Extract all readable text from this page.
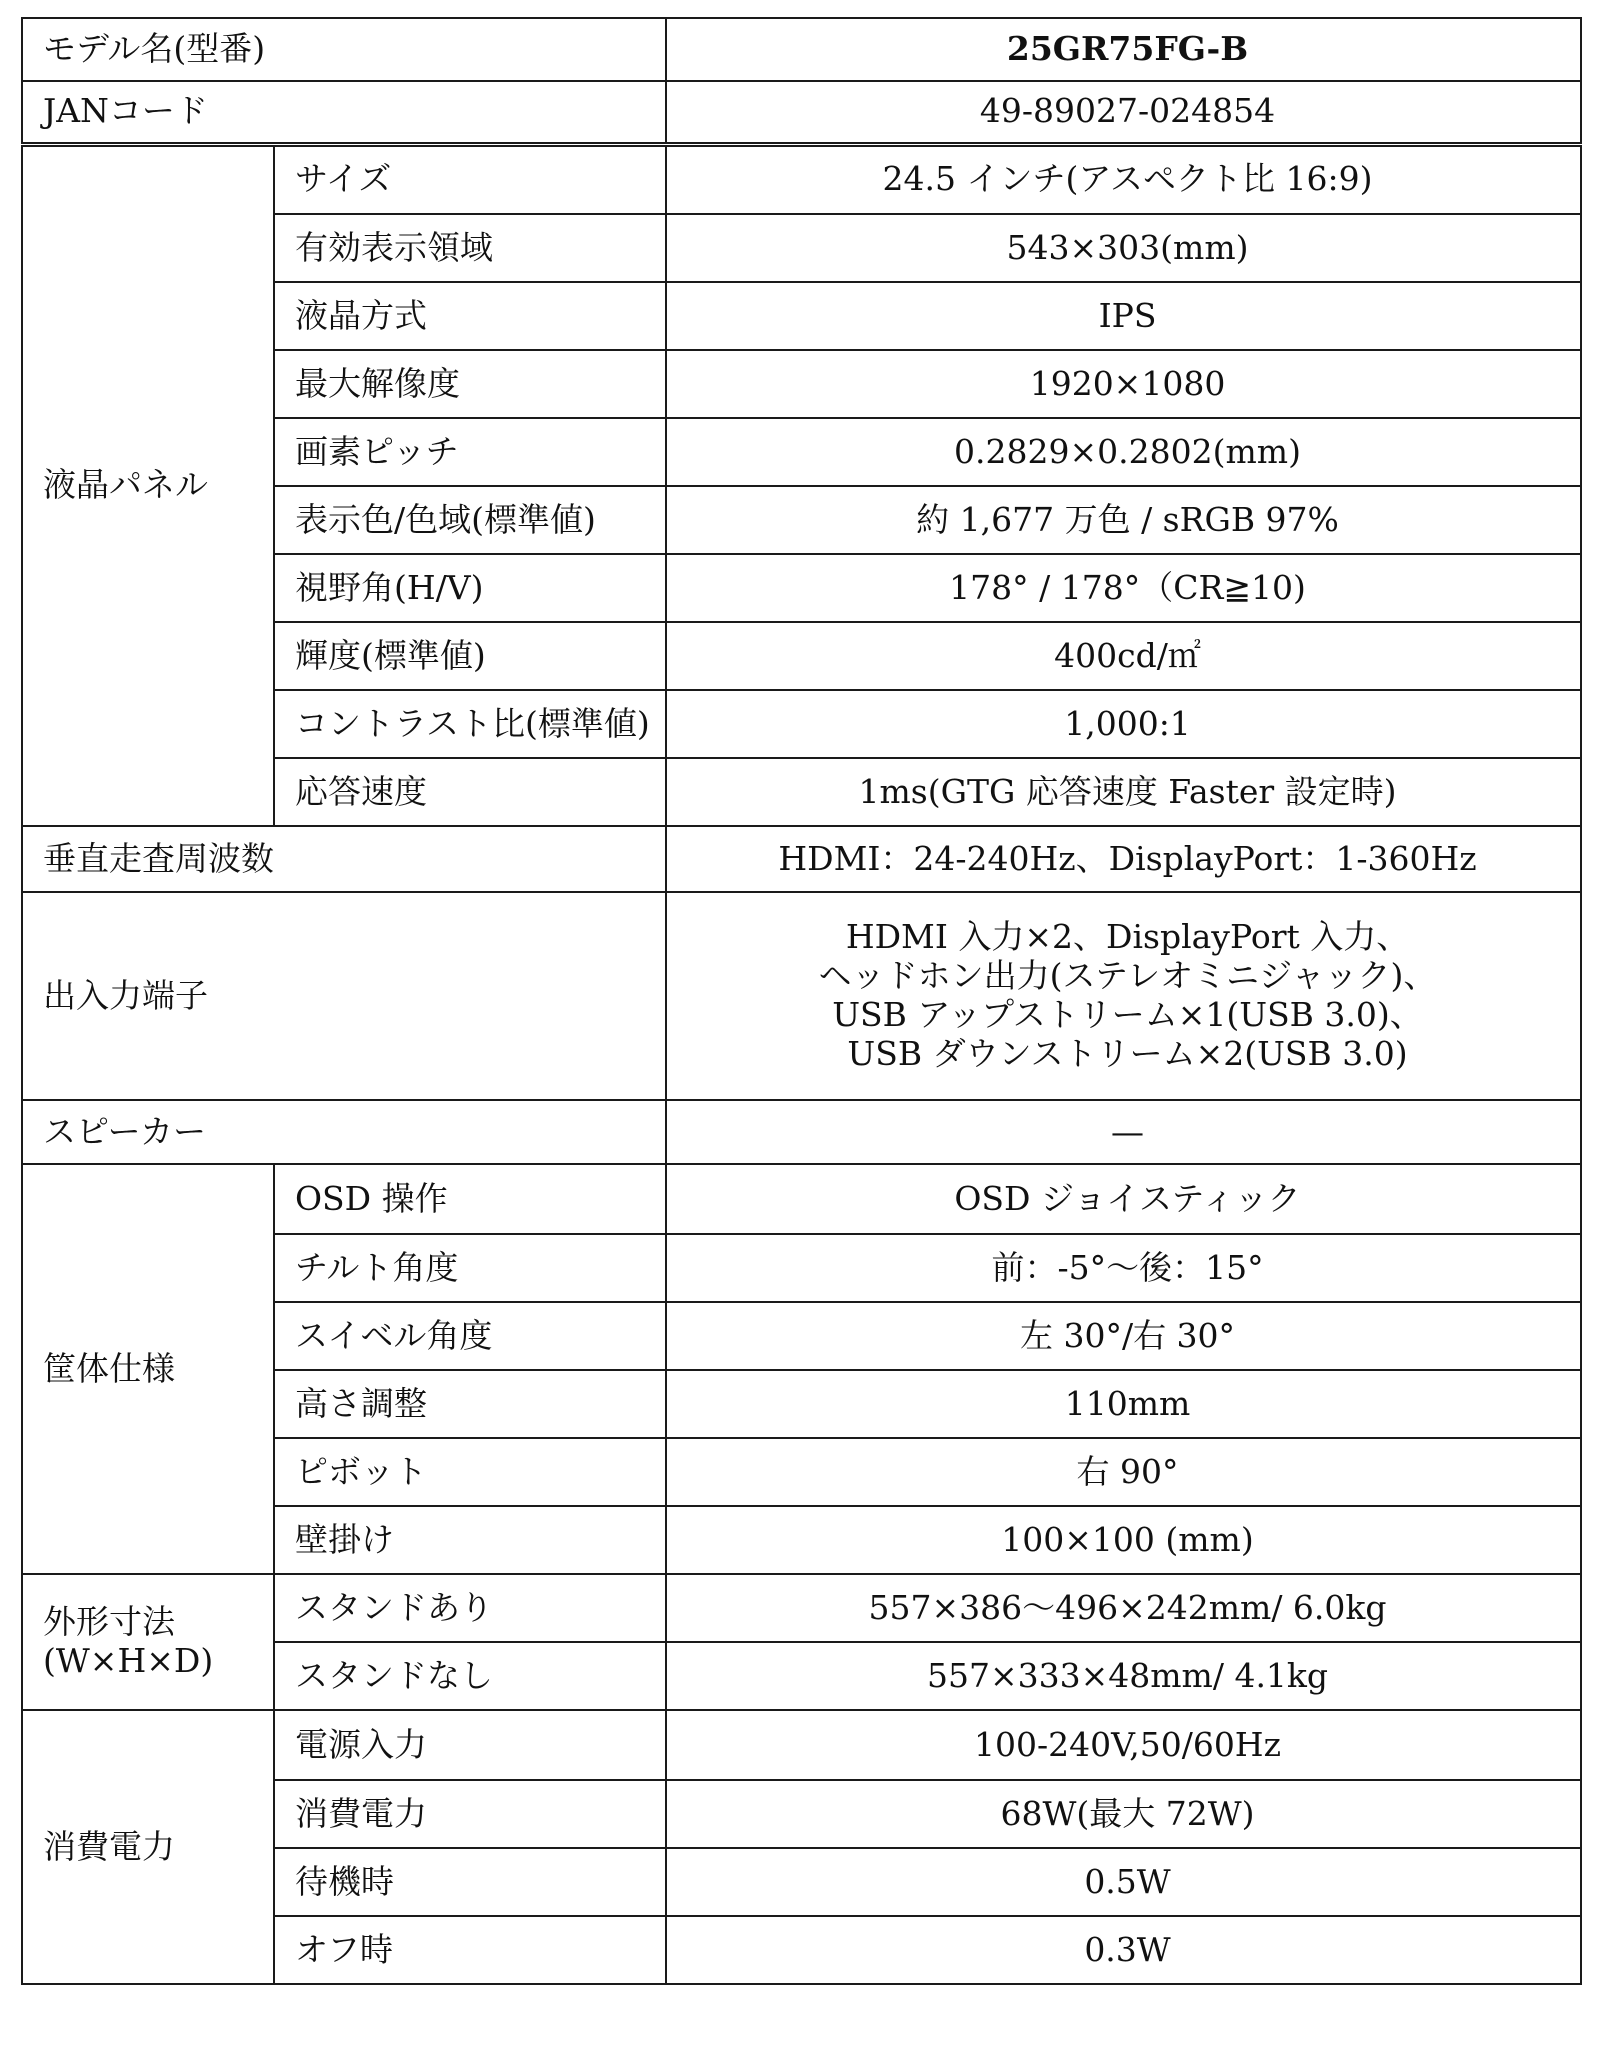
モデル名(型番)		25GR75FG-B
JANコード		49-89027-024854
液晶パネル	サイズ	24.5 インチ(アスペクト比 16:9)
	有効表示領域	543×303(mm)
	液晶方式	IPS
	最大解像度	1920×1080
	画素ピッチ	0.2829×0.2802(mm)
	表示色/色域(標準値)	約 1,677 万色 / sRGB 97%
	視野角(H/V)	178° / 178°（CR≧10)
	輝度(標準値)	400cd/㎡
	コントラスト比(標準値)	1,000:1
	応答速度	1ms(GTG 応答速度 Faster 設定時)
垂直走査周波数		HDMI：24-240Hz、DisplayPort：1-360Hz
出入力端子		HDMI 入力×2、DisplayPort 入力、
ヘッドホン出力(ステレオミニジャック)、
USB アップストリーム×1(USB 3.0)、
USB ダウンストリーム×2(USB 3.0)

スピーカー		—
筐体仕様	OSD 操作	OSD ジョイスティック
	チルト角度	前：-5°～後：15°
	スイベル角度	左 30°/右 30°
	高さ調整	110mm
	ピボット	右 90°
	壁掛け	100×100 (mm)

外形寸法
(W×H×D)	スタンドあり	557×386～496×242mm/ 6.0kg
	スタンドなし	557×333×48mm/ 4.1kg
消費電力	電源入力	100-240V,50/60Hz
	消費電力	68W(最大 72W)
	待機時	0.5W
	オフ時	0.3W
